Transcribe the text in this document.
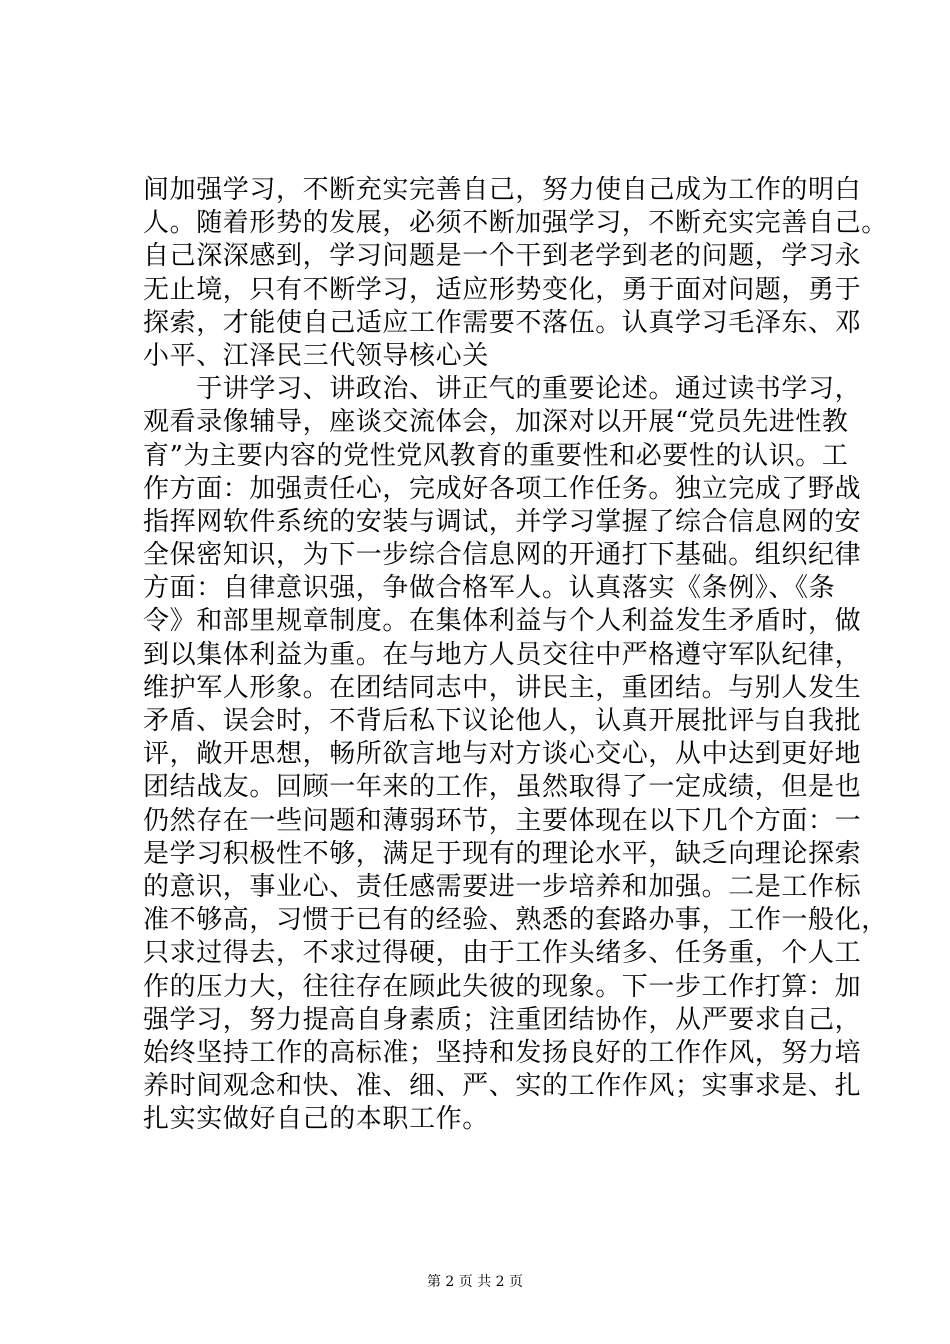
间加强学习，不断充实完善自己，努力使自己成为工作的明白
人。随着形势的发展，必须不断加强学习，不断充实完善自己。
自己深深感到，学习问题是一个干到老学到老的问题，学习永
无止境，只有不断学习，适应形势变化，勇于面对问题，勇于
探索，才能使自己适应工作需要不落伍。认真学习毛泽东、邓
小平、江泽民三代领导核心关
　　于讲学习、讲政治、讲正气的重要论述。通过读书学习，
观看录像辅导，座谈交流体会，加深对以开展“党员先进性教
育”为主要内容的党性党风教育的重要性和必要性的认识。工
作方面：加强责任心，完成好各项工作任务。独立完成了野战
指挥网软件系统的安装与调试，并学习掌握了综合信息网的安
全保密知识，为下一步综合信息网的开通打下基础。组织纪律
方面：自律意识强，争做合格军人。认真落实《条例》、《条
令》和部里规章制度。在集体利益与个人利益发生矛盾时，做
到以集体利益为重。在与地方人员交往中严格遵守军队纪律，
维护军人形象。在团结同志中，讲民主，重团结。与别人发生
矛盾、误会时，不背后私下议论他人，认真开展批评与自我批
评，敞开思想，畅所欲言地与对方谈心交心，从中达到更好地
团结战友。回顾一年来的工作，虽然取得了一定成绩，但是也
仍然存在一些问题和薄弱环节，主要体现在以下几个方面：一
是学习积极性不够，满足于现有的理论水平，缺乏向理论探索
的意识，事业心、责任感需要进一步培养和加强。二是工作标
准不够高，习惯于已有的经验、熟悉的套路办事，工作一般化，
只求过得去，不求过得硬，由于工作头绪多、任务重，个人工
作的压力大，往往存在顾此失彼的现象。下一步工作打算：加
强学习，努力提高自身素质；注重团结协作，从严要求自己，
始终坚持工作的高标准；坚持和发扬良好的工作作风，努力培
养时间观念和快、准、细、严、实的工作作风；实事求是、扎
扎实实做好自己的本职工作。
第 2 页 共 2 页
